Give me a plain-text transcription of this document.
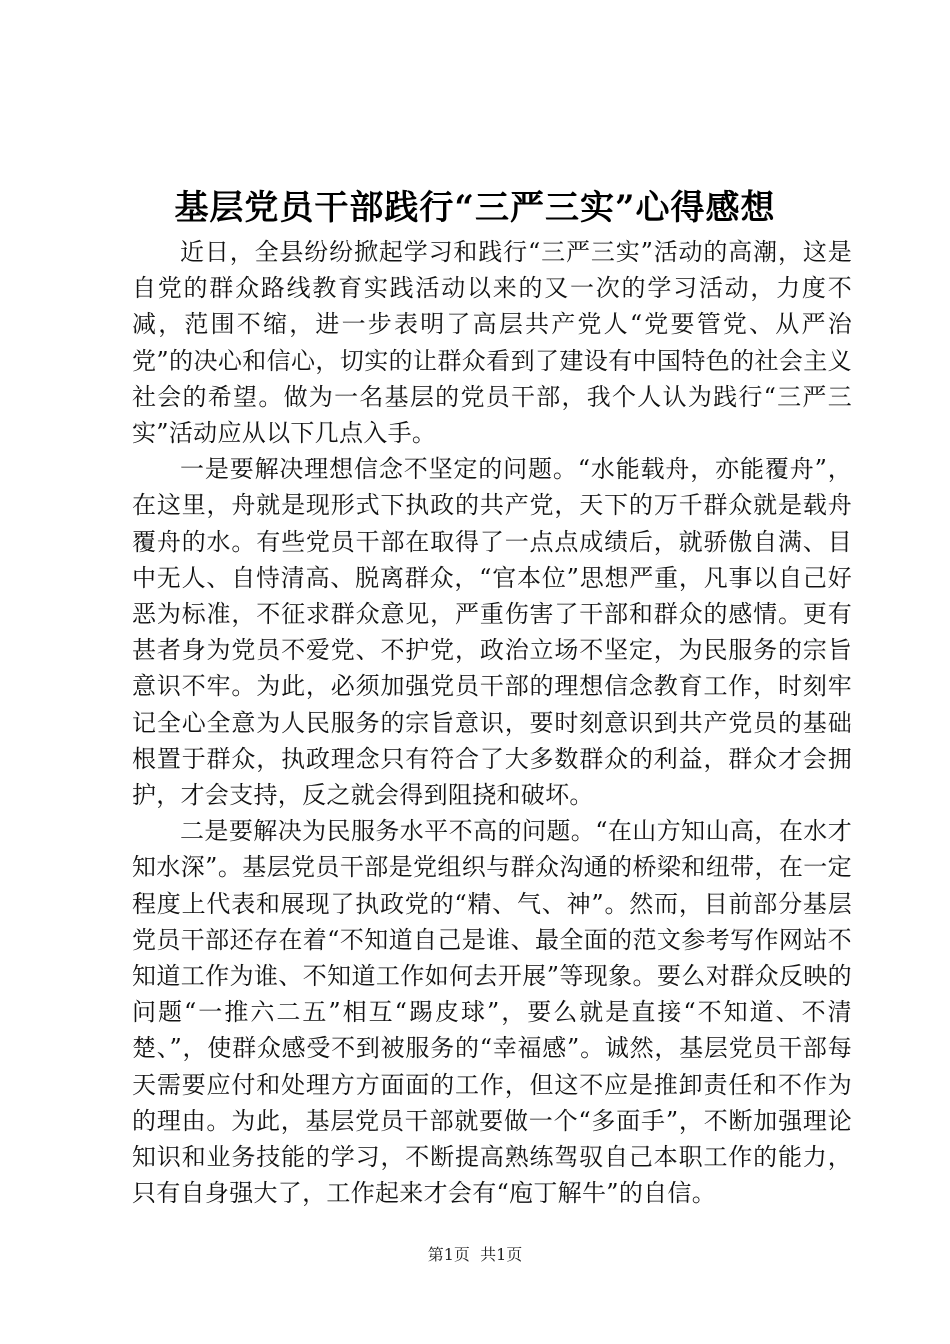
基层党员干部践行“三严三实”心得感想

近日，全县纷纷掀起学习和践行“三严三实”活动的高潮，这是自党的群众路线教育实践活动以来的又一次的学习活动，力度不减，范围不缩，进一步表明了高层共产党人“党要管党、从严治党”的决心和信心，切实的让群众看到了建设有中国特色的社会主义社会的希望。做为一名基层的党员干部，我个人认为践行“三严三实”活动应从以下几点入手。

一是要解决理想信念不坚定的问题。“水能载舟，亦能覆舟”，在这里，舟就是现形式下执政的共产党，天下的万千群众就是载舟覆舟的水。有些党员干部在取得了一点点成绩后，就骄傲自满、目中无人、自恃清高、脱离群众，“官本位”思想严重，凡事以自己好恶为标准，不征求群众意见，严重伤害了干部和群众的感情。更有甚者身为党员不爱党、不护党，政治立场不坚定，为民服务的宗旨意识不牢。为此，必须加强党员干部的理想信念教育工作，时刻牢记全心全意为人民服务的宗旨意识，要时刻意识到共产党员的基础根置于群众，执政理念只有符合了大多数群众的利益，群众才会拥护，才会支持，反之就会得到阻挠和破坏。

二是要解决为民服务水平不高的问题。“在山方知山高，在水才知水深”。基层党员干部是党组织与群众沟通的桥梁和纽带，在一定程度上代表和展现了执政党的“精、气、神”。然而，目前部分基层党员干部还存在着“不知道自己是谁、最全面的范文参考写作网站不知道工作为谁、不知道工作如何去开展”等现象。要么对群众反映的问题“一推六二五”相互“踢皮球”，要么就是直接“不知道、不清楚、”，使群众感受不到被服务的“幸福感”。诚然，基层党员干部每天需要应付和处理方方面面的工作，但这不应是推卸责任和不作为的理由。为此，基层党员干部就要做一个“多面手”，不断加强理论知识和业务技能的学习，不断提高熟练驾驭自己本职工作的能力，只有自身强大了，工作起来才会有“庖丁解牛”的自信。

第1页  共1页
